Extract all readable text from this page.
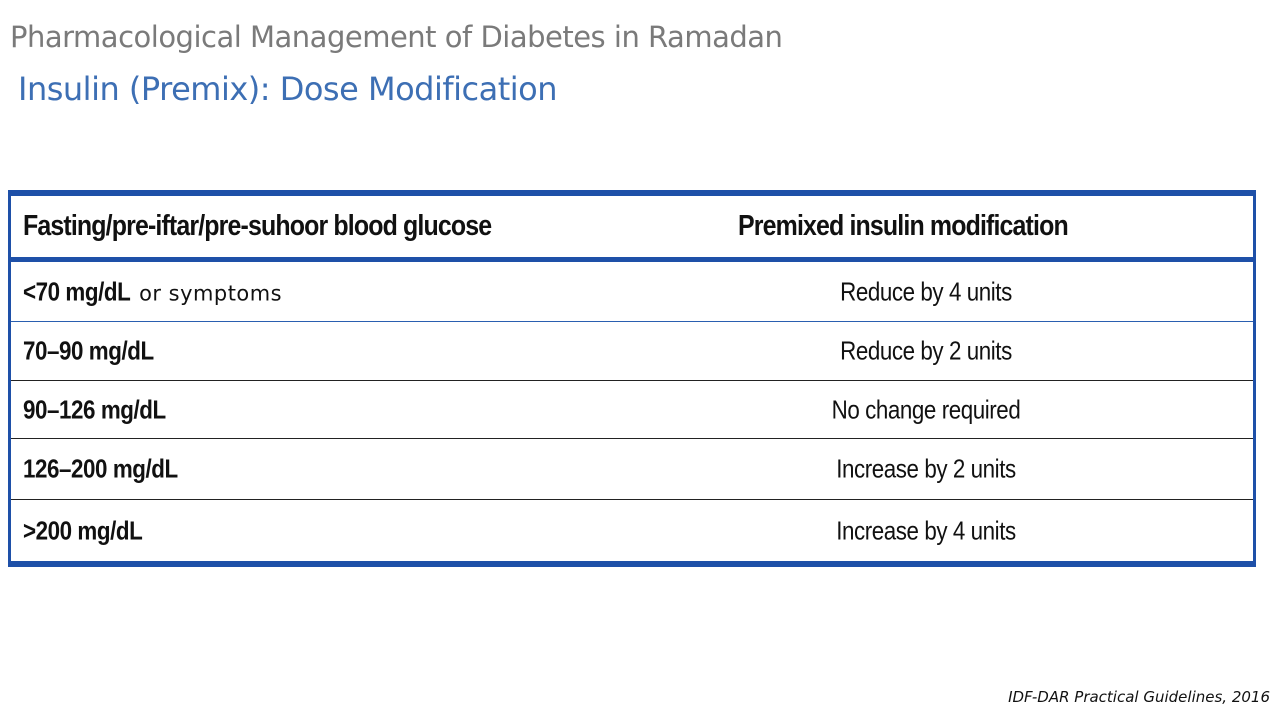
Pharmacological Management of Diabetes in Ramadan
Insulin (Premix): Dose Modification
Fasting/pre-iftar/pre-suhoor blood glucose	Premixed insulin modification
<70 mg/dL or symptoms	Reduce by 4 units
70–90 mg/dL	Reduce by 2 units
90–126 mg/dL	No change required
126–200 mg/dL	Increase by 2 units
>200 mg/dL	Increase by 4 units
IDF-DAR Practical Guidelines, 2016
